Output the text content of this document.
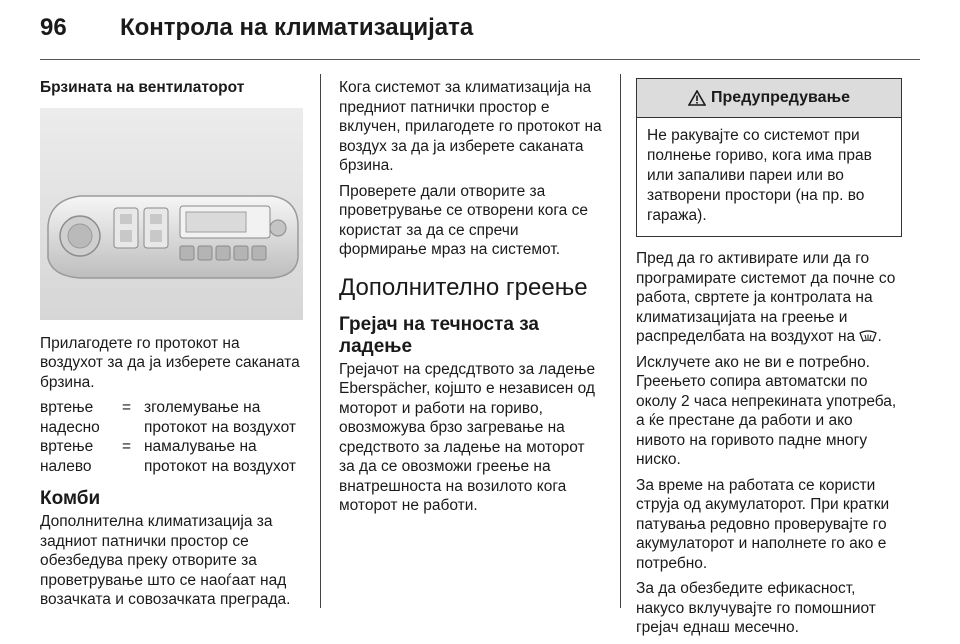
96 Контрола на климатизацијата
Брзината на вентилаторот

Прилагодете го протокот на воздухот за да ја изберете саканата брзина.

вртење надесно
= зголемување на протокот на воздухот
вртење налево
= намалување на протокот на воздухот
Комби

Дополнителна климатизација за задниот патнички простор се обезбедува преку отворите за проветрување што се наоѓаат над возачката и совозачката преграда.

Кога системот за климатизација на предниот патнички простор е вклучен, прилагодете го протокот на воздух за да ја изберете саканата брзина.

Проверете дали отворите за проветрување се отворени кога се користат за да се спречи формирање мраз на системот.

Дополнително греење
Грејач на течноста за ладење

Грејачот на средсдтвото за ладење Eberspächer, којшто е независен од моторот и работи на гориво, овозможува брзо загревање на средството за ладење на моторот за да се овозможи греење на внатрешноста на возилото кога моторот не работи.

Предупредување
Не ракувајте со системот при полнење гориво, кога има прав или запаливи пареи или во затворени простори (на пр. во гаража).

Пред да го активирате или да го програмирате системот да почне со работа, свртете ја контролата на климатизацијата на греење и распределбата на воздухот на .

Исклучете ако не ви е потребно. Греењето сопира автоматски по околу 2 часа непрекината употреба, а ќе престане да работи и ако нивото на горивото падне многу ниско.

За време на работата се користи струја од акумулаторот. При кратки патувања редовно проверувајте го акумулаторот и наполнете го ако е потребно.

За да обезбедите ефикасност, накусо вклучувајте го помошниот грејач еднаш месечно.
